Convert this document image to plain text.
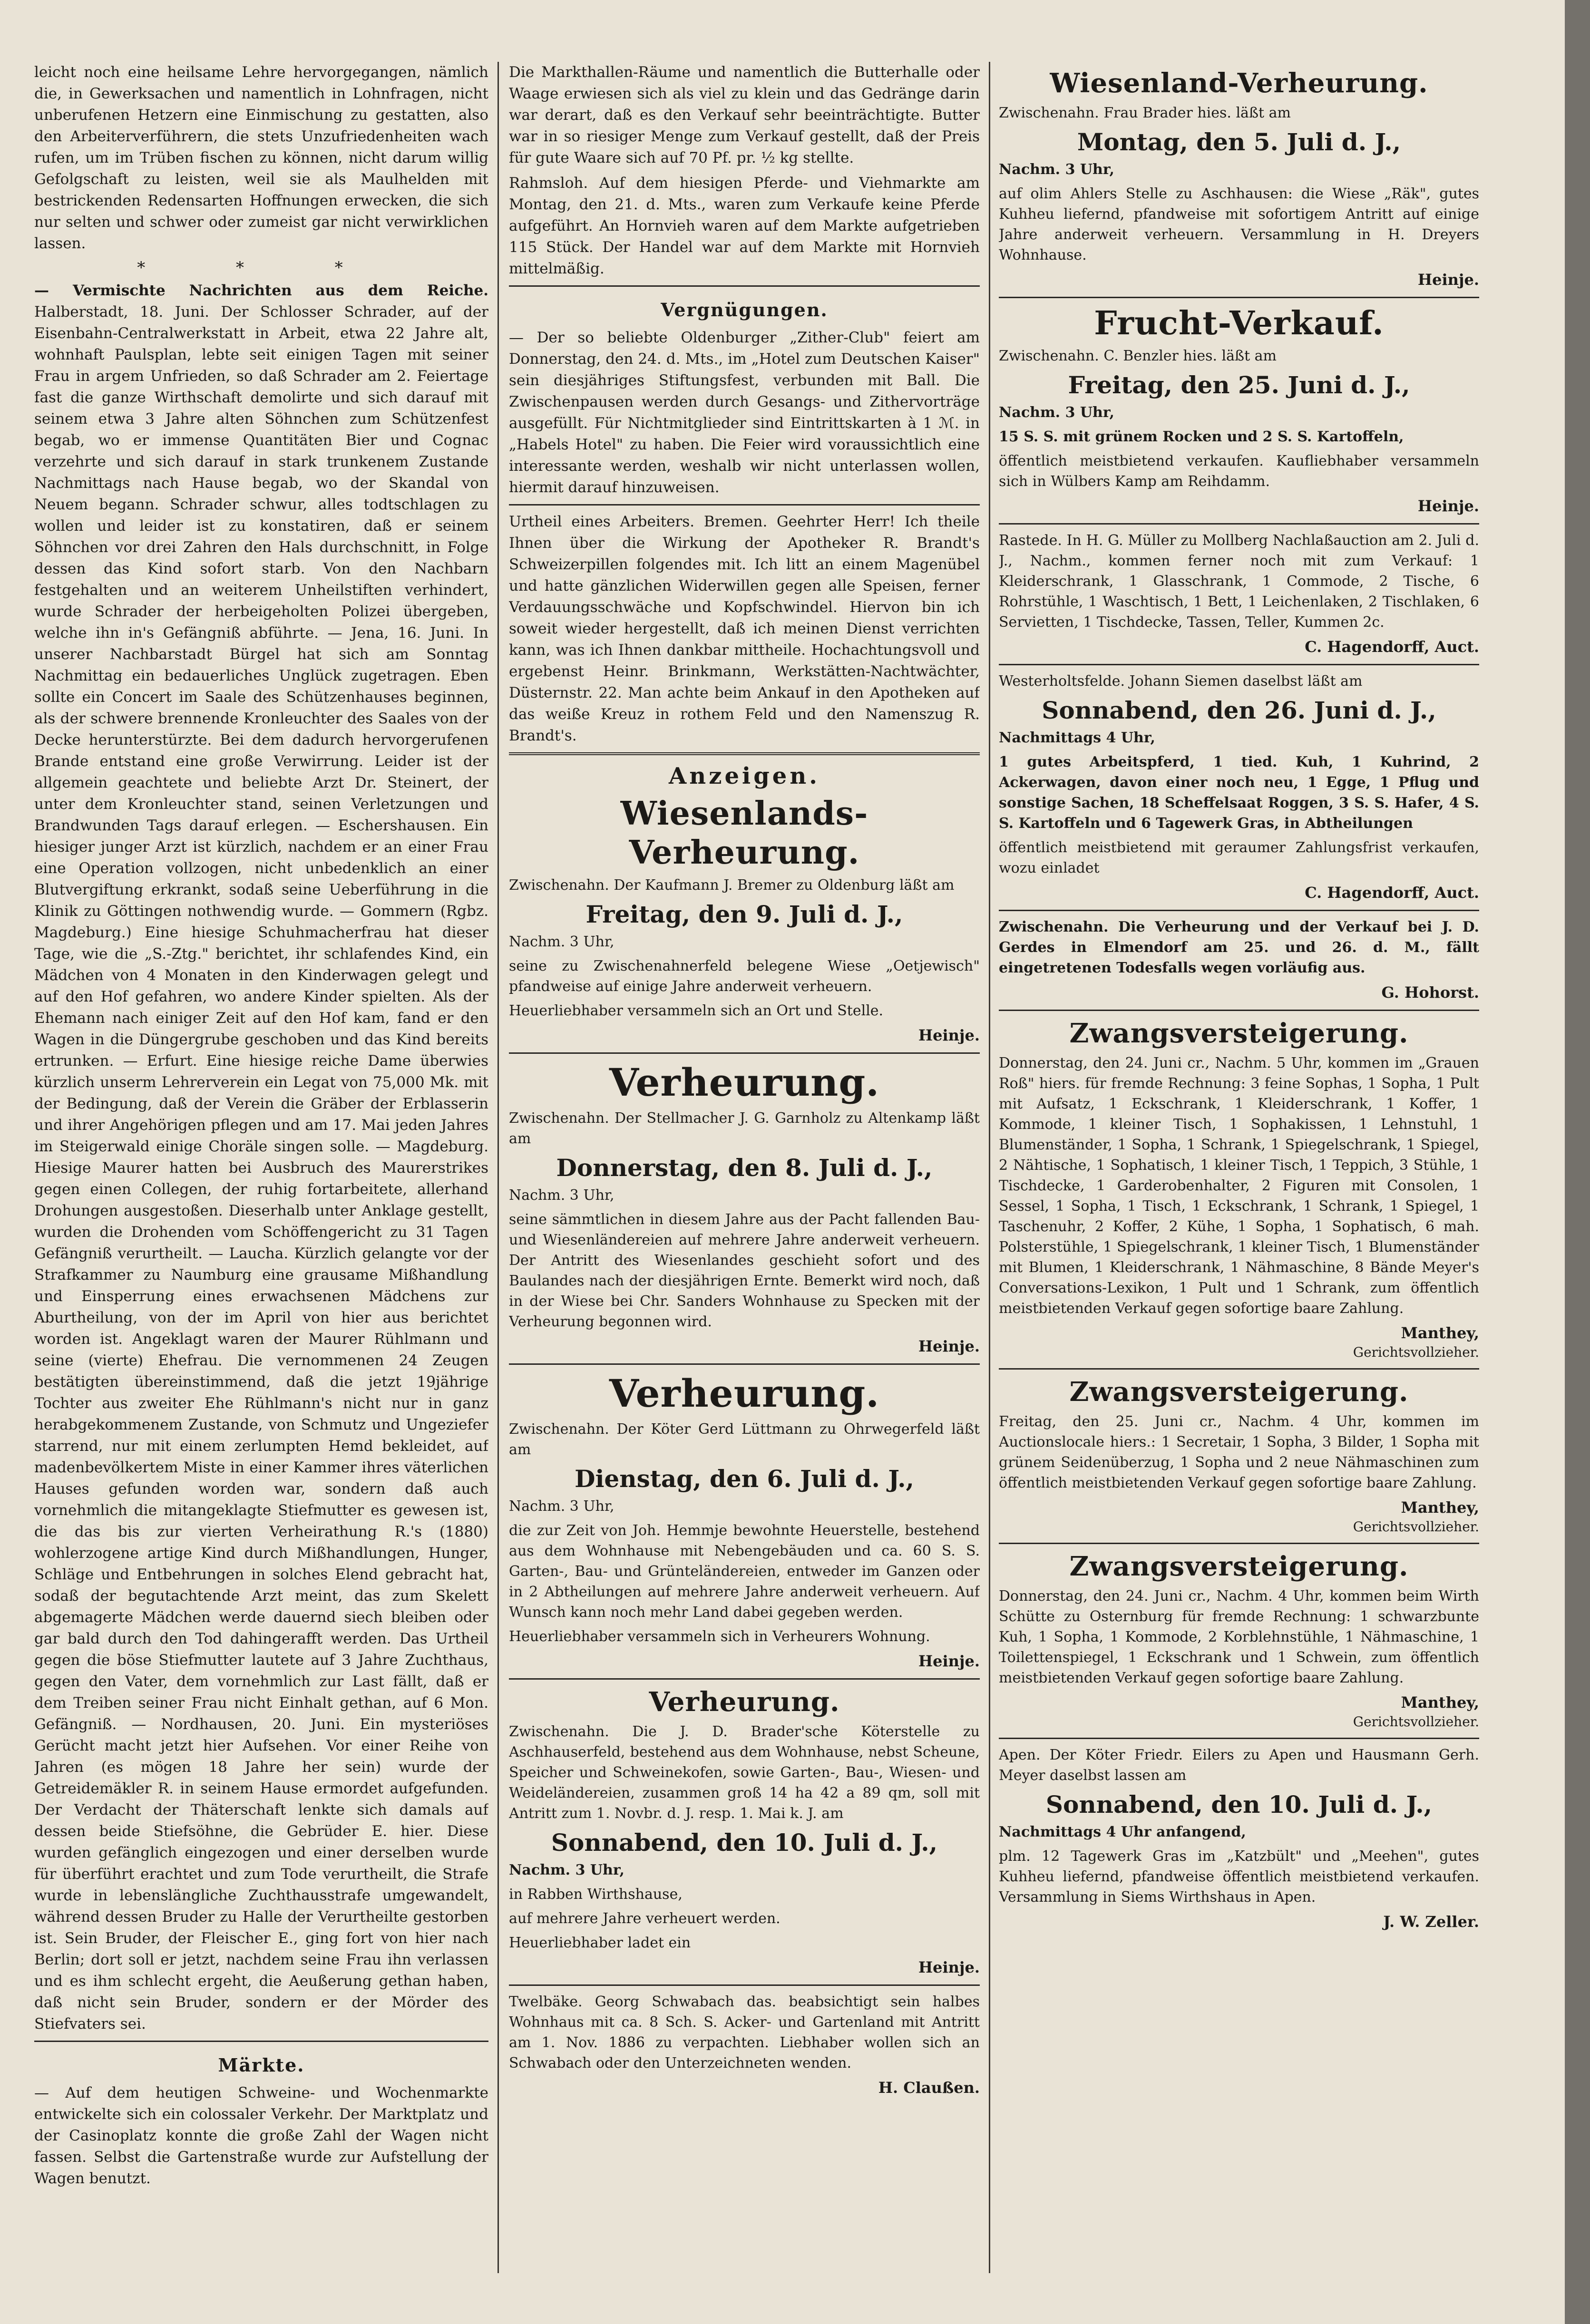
leicht noch eine heilsame Lehre hervorgegangen, nämlich die, in Gewerksachen und namentlich in Lohnfragen, nicht unberufenen Hetzern eine Einmischung zu gestatten, also den Arbeiterverführern, die stets Unzufriedenheiten wach rufen, um im Trüben fischen zu können, nicht darum willig Gefolgschaft zu leisten, weil sie als Maulhelden mit bestrickenden Redensarten Hoffnungen erwecken, die sich nur selten und schwer oder zumeist gar nicht verwirklichen lassen.

* * *

— Vermischte Nachrichten aus dem Reiche. Halberstadt, 18. Juni. Der Schlosser Schrader, auf der Eisenbahn-Centralwerkstatt in Arbeit, etwa 22 Jahre alt, wohnhaft Paulsplan, lebte seit einigen Tagen mit seiner Frau in argem Unfrieden, so daß Schrader am 2. Feiertage fast die ganze Wirthschaft demolirte und sich darauf mit seinem etwa 3 Jahre alten Söhnchen zum Schützenfest begab, wo er immense Quantitäten Bier und Cognac verzehrte und sich darauf in stark trunkenem Zustande Nachmittags nach Hause begab, wo der Skandal von Neuem begann. Schrader schwur, alles todtschlagen zu wollen und leider ist zu konstatiren, daß er seinem Söhnchen vor drei Zahren den Hals durchschnitt, in Folge dessen das Kind sofort starb. Von den Nachbarn festgehalten und an weiterem Unheilstiften verhindert, wurde Schrader der herbeigeholten Polizei übergeben, welche ihn in's Gefängniß abführte. — Jena, 16. Juni. In unserer Nachbarstadt Bürgel hat sich am Sonntag Nachmittag ein bedauerliches Unglück zugetragen. Eben sollte ein Concert im Saale des Schützenhauses beginnen, als der schwere brennende Kronleuchter des Saales von der Decke herunterstürzte. Bei dem dadurch hervorgerufenen Brande entstand eine große Verwirrung. Leider ist der allgemein geachtete und beliebte Arzt Dr. Steinert, der unter dem Kronleuchter stand, seinen Verletzungen und Brandwunden Tags darauf erlegen. — Eschershausen. Ein hiesiger junger Arzt ist kürzlich, nachdem er an einer Frau eine Operation vollzogen, nicht unbedenklich an einer Blutvergiftung erkrankt, sodaß seine Ueberführung in die Klinik zu Göttingen nothwendig wurde. — Gommern (Rgbz. Magdeburg.) Eine hiesige Schuhmacherfrau hat dieser Tage, wie die „S.-Ztg." berichtet, ihr schlafendes Kind, ein Mädchen von 4 Monaten in den Kinderwagen gelegt und auf den Hof gefahren, wo andere Kinder spielten. Als der Ehemann nach einiger Zeit auf den Hof kam, fand er den Wagen in die Düngergrube geschoben und das Kind bereits ertrunken. — Erfurt. Eine hiesige reiche Dame überwies kürzlich unserm Lehrerverein ein Legat von 75,000 Mk. mit der Bedingung, daß der Verein die Gräber der Erblasserin und ihrer Angehörigen pflegen und am 17. Mai jeden Jahres im Steigerwald einige Choräle singen solle. — Magdeburg. Hiesige Maurer hatten bei Ausbruch des Maurerstrikes gegen einen Collegen, der ruhig fortarbeitete, allerhand Drohungen ausgestoßen. Dieserhalb unter Anklage gestellt, wurden die Drohenden vom Schöffengericht zu 31 Tagen Gefängniß verurtheilt. — Laucha. Kürzlich gelangte vor der Strafkammer zu Naumburg eine grausame Mißhandlung und Einsperrung eines erwachsenen Mädchens zur Aburtheilung, von der im April von hier aus berichtet worden ist. Angeklagt waren der Maurer Rühlmann und seine (vierte) Ehefrau. Die vernommenen 24 Zeugen bestätigten übereinstimmend, daß die jetzt 19jährige Tochter aus zweiter Ehe Rühlmann's nicht nur in ganz herabgekommenem Zustande, von Schmutz und Ungeziefer starrend, nur mit einem zerlumpten Hemd bekleidet, auf madenbevölkertem Miste in einer Kammer ihres väterlichen Hauses gefunden worden war, sondern daß auch vornehmlich die mitangeklagte Stiefmutter es gewesen ist, die das bis zur vierten Verheirathung R.'s (1880) wohlerzogene artige Kind durch Mißhandlungen, Hunger, Schläge und Entbehrungen in solches Elend gebracht hat, sodaß der begutachtende Arzt meint, das zum Skelett abgemagerte Mädchen werde dauernd siech bleiben oder gar bald durch den Tod dahingerafft werden. Das Urtheil gegen die böse Stiefmutter lautete auf 3 Jahre Zuchthaus, gegen den Vater, dem vornehmlich zur Last fällt, daß er dem Treiben seiner Frau nicht Einhalt gethan, auf 6 Mon. Gefängniß. — Nordhausen, 20. Juni. Ein mysteriöses Gerücht macht jetzt hier Aufsehen. Vor einer Reihe von Jahren (es mögen 18 Jahre her sein) wurde der Getreidemäkler R. in seinem Hause ermordet aufgefunden. Der Verdacht der Thäterschaft lenkte sich damals auf dessen beide Stiefsöhne, die Gebrüder E. hier. Diese wurden gefänglich eingezogen und einer derselben wurde für überführt erachtet und zum Tode verurtheilt, die Strafe wurde in lebenslängliche Zuchthausstrafe umgewandelt, während dessen Bruder zu Halle der Verurtheilte gestorben ist. Sein Bruder, der Fleischer E., ging fort von hier nach Berlin; dort soll er jetzt, nachdem seine Frau ihn verlassen und es ihm schlecht ergeht, die Aeußerung gethan haben, daß nicht sein Bruder, sondern er der Mörder des Stiefvaters sei.

Märkte.

— Auf dem heutigen Schweine- und Wochenmarkte entwickelte sich ein colossaler Verkehr. Der Marktplatz und der Casinoplatz konnte die große Zahl der Wagen nicht fassen. Selbst die Gartenstraße wurde zur Aufstellung der Wagen benutzt.

Die Markthallen-Räume und namentlich die Butterhalle oder Waage erwiesen sich als viel zu klein und das Gedränge darin war derart, daß es den Verkauf sehr beeinträchtigte. Butter war in so riesiger Menge zum Verkauf gestellt, daß der Preis für gute Waare sich auf 70 Pf. pr. ½ kg stellte.

Rahmsloh. Auf dem hiesigen Pferde- und Viehmarkte am Montag, den 21. d. Mts., waren zum Verkaufe keine Pferde aufgeführt. An Hornvieh waren auf dem Markte aufgetrieben 115 Stück. Der Handel war auf dem Markte mit Hornvieh mittelmäßig.

Vergnügungen.

— Der so beliebte Oldenburger „Zither-Club" feiert am Donnerstag, den 24. d. Mts., im „Hotel zum Deutschen Kaiser" sein diesjähriges Stiftungsfest, verbunden mit Ball. Die Zwischenpausen werden durch Gesangs- und Zithervorträge ausgefüllt. Für Nichtmitglieder sind Eintrittskarten à 1 ℳ. in „Habels Hotel" zu haben. Die Feier wird voraussichtlich eine interessante werden, weshalb wir nicht unterlassen wollen, hiermit darauf hinzuweisen.

Urtheil eines Arbeiters. Bremen. Geehrter Herr! Ich theile Ihnen über die Wirkung der Apotheker R. Brandt's Schweizerpillen folgendes mit. Ich litt an einem Magenübel und hatte gänzlichen Widerwillen gegen alle Speisen, ferner Verdauungsschwäche und Kopfschwindel. Hiervon bin ich soweit wieder hergestellt, daß ich meinen Dienst verrichten kann, was ich Ihnen dankbar mittheile. Hochachtungsvoll und ergebenst Heinr. Brinkmann, Werkstätten-Nachtwächter, Düsternstr. 22. Man achte beim Ankauf in den Apotheken auf das weiße Kreuz in rothem Feld und den Namenszug R. Brandt's.

Anzeigen.
Wiesenlands-Verheurung.

Zwischenahn. Der Kaufmann J. Bremer zu Oldenburg läßt am

Freitag, den 9. Juli d. J.,

Nachm. 3 Uhr,

seine zu Zwischenahnerfeld belegene Wiese „Oetjewisch" pfandweise auf einige Jahre anderweit verheuern.

Heuerliebhaber versammeln sich an Ort und Stelle.

Heinje.
Verheurung.

Zwischenahn. Der Stellmacher J. G. Garnholz zu Altenkamp läßt am

Donnerstag, den 8. Juli d. J.,

Nachm. 3 Uhr,

seine sämmtlichen in diesem Jahre aus der Pacht fallenden Bau- und Wiesenländereien auf mehrere Jahre anderweit verheuern. Der Antritt des Wiesenlandes geschieht sofort und des Baulandes nach der diesjährigen Ernte. Bemerkt wird noch, daß in der Wiese bei Chr. Sanders Wohnhause zu Specken mit der Verheurung begonnen wird.

Heinje.
Verheurung.

Zwischenahn. Der Köter Gerd Lüttmann zu Ohrwegerfeld läßt am

Dienstag, den 6. Juli d. J.,

Nachm. 3 Uhr,

die zur Zeit von Joh. Hemmje bewohnte Heuerstelle, bestehend aus dem Wohnhause mit Nebengebäuden und ca. 60 S. S. Garten-, Bau- und Grünteländereien, entweder im Ganzen oder in 2 Abtheilungen auf mehrere Jahre anderweit verheuern. Auf Wunsch kann noch mehr Land dabei gegeben werden.

Heuerliebhaber versammeln sich in Verheurers Wohnung.

Heinje.
Verheurung.

Zwischenahn. Die J. D. Brader'sche Köterstelle zu Aschhauserfeld, bestehend aus dem Wohnhause, nebst Scheune, Speicher und Schweinekofen, sowie Garten-, Bau-, Wiesen- und Weideländereien, zusammen groß 14 ha 42 a 89 qm, soll mit Antritt zum 1. Novbr. d. J. resp. 1. Mai k. J. am

Sonnabend, den 10. Juli d. J.,

Nachm. 3 Uhr,

in Rabben Wirthshause,

auf mehrere Jahre verheuert werden.

Heuerliebhaber ladet ein

Heinje.

Twelbäke. Georg Schwabach das. beabsichtigt sein halbes Wohnhaus mit ca. 8 Sch. S. Acker- und Gartenland mit Antritt am 1. Nov. 1886 zu verpachten. Liebhaber wollen sich an Schwabach oder den Unterzeichneten wenden.

H. Claußen.
Wiesenland-Verheurung.

Zwischenahn. Frau Brader hies. läßt am

Montag, den 5. Juli d. J.,

Nachm. 3 Uhr,

auf olim Ahlers Stelle zu Aschhausen: die Wiese „Räk", gutes Kuhheu liefernd, pfandweise mit sofortigem Antritt auf einige Jahre anderweit verheuern. Versammlung in H. Dreyers Wohnhause.

Heinje.
Frucht-Verkauf.

Zwischenahn. C. Benzler hies. läßt am

Freitag, den 25. Juni d. J.,

Nachm. 3 Uhr,

15 S. S. mit grünem Rocken und 2 S. S. Kartoffeln,

öffentlich meistbietend verkaufen. Kaufliebhaber versammeln sich in Wülbers Kamp am Reihdamm.

Heinje.

Rastede. In H. G. Müller zu Mollberg Nachlaßauction am 2. Juli d. J., Nachm., kommen ferner noch mit zum Verkauf: 1 Kleiderschrank, 1 Glasschrank, 1 Commode, 2 Tische, 6 Rohrstühle, 1 Waschtisch, 1 Bett, 1 Leichenlaken, 2 Tischlaken, 6 Servietten, 1 Tischdecke, Tassen, Teller, Kummen 2c.

C. Hagendorff, Auct.

Westerholtsfelde. Johann Siemen daselbst läßt am

Sonnabend, den 26. Juni d. J.,

Nachmittags 4 Uhr,

1 gutes Arbeitspferd, 1 tied. Kuh, 1 Kuhrind, 2 Ackerwagen, davon einer noch neu, 1 Egge, 1 Pflug und sonstige Sachen, 18 Scheffelsaat Roggen, 3 S. S. Hafer, 4 S. S. Kartoffeln und 6 Tagewerk Gras, in Abtheilungen

öffentlich meistbietend mit geraumer Zahlungsfrist verkaufen, wozu einladet

C. Hagendorff, Auct.

Zwischenahn. Die Verheurung und der Verkauf bei J. D. Gerdes in Elmendorf am 25. und 26. d. M., fällt eingetretenen Todesfalls wegen vorläufig aus.

G. Hohorst.
Zwangsversteigerung.

Donnerstag, den 24. Juni cr., Nachm. 5 Uhr, kommen im „Grauen Roß" hiers. für fremde Rechnung: 3 feine Sophas, 1 Sopha, 1 Pult mit Aufsatz, 1 Eckschrank, 1 Kleiderschrank, 1 Koffer, 1 Kommode, 1 kleiner Tisch, 1 Sophakissen, 1 Lehnstuhl, 1 Blumenständer, 1 Sopha, 1 Schrank, 1 Spiegelschrank, 1 Spiegel, 2 Nähtische, 1 Sophatisch, 1 kleiner Tisch, 1 Teppich, 3 Stühle, 1 Tischdecke, 1 Garderobenhalter, 2 Figuren mit Consolen, 1 Sessel, 1 Sopha, 1 Tisch, 1 Eckschrank, 1 Schrank, 1 Spiegel, 1 Taschenuhr, 2 Koffer, 2 Kühe, 1 Sopha, 1 Sophatisch, 6 mah. Polsterstühle, 1 Spiegelschrank, 1 kleiner Tisch, 1 Blumenständer mit Blumen, 1 Kleiderschrank, 1 Nähmaschine, 8 Bände Meyer's Conversations-Lexikon, 1 Pult und 1 Schrank, zum öffentlich meistbietenden Verkauf gegen sofortige baare Zahlung.

Manthey,
Gerichtsvollzieher.
Zwangsversteigerung.

Freitag, den 25. Juni cr., Nachm. 4 Uhr, kommen im Auctionslocale hiers.: 1 Secretair, 1 Sopha, 3 Bilder, 1 Sopha mit grünem Seidenüberzug, 1 Sopha und 2 neue Nähmaschinen zum öffentlich meistbietenden Verkauf gegen sofortige baare Zahlung.

Manthey,
Gerichtsvollzieher.
Zwangsversteigerung.

Donnerstag, den 24. Juni cr., Nachm. 4 Uhr, kommen beim Wirth Schütte zu Osternburg für fremde Rechnung: 1 schwarzbunte Kuh, 1 Sopha, 1 Kommode, 2 Korblehnstühle, 1 Nähmaschine, 1 Toilettenspiegel, 1 Eckschrank und 1 Schwein, zum öffentlich meistbietenden Verkauf gegen sofortige baare Zahlung.

Manthey,
Gerichtsvollzieher.

Apen. Der Köter Friedr. Eilers zu Apen und Hausmann Gerh. Meyer daselbst lassen am

Sonnabend, den 10. Juli d. J.,

Nachmittags 4 Uhr anfangend,

plm. 12 Tagewerk Gras im „Katzbült" und „Meehen", gutes Kuhheu liefernd, pfandweise öffentlich meistbietend verkaufen. Versammlung in Siems Wirthshaus in Apen.

J. W. Zeller.
